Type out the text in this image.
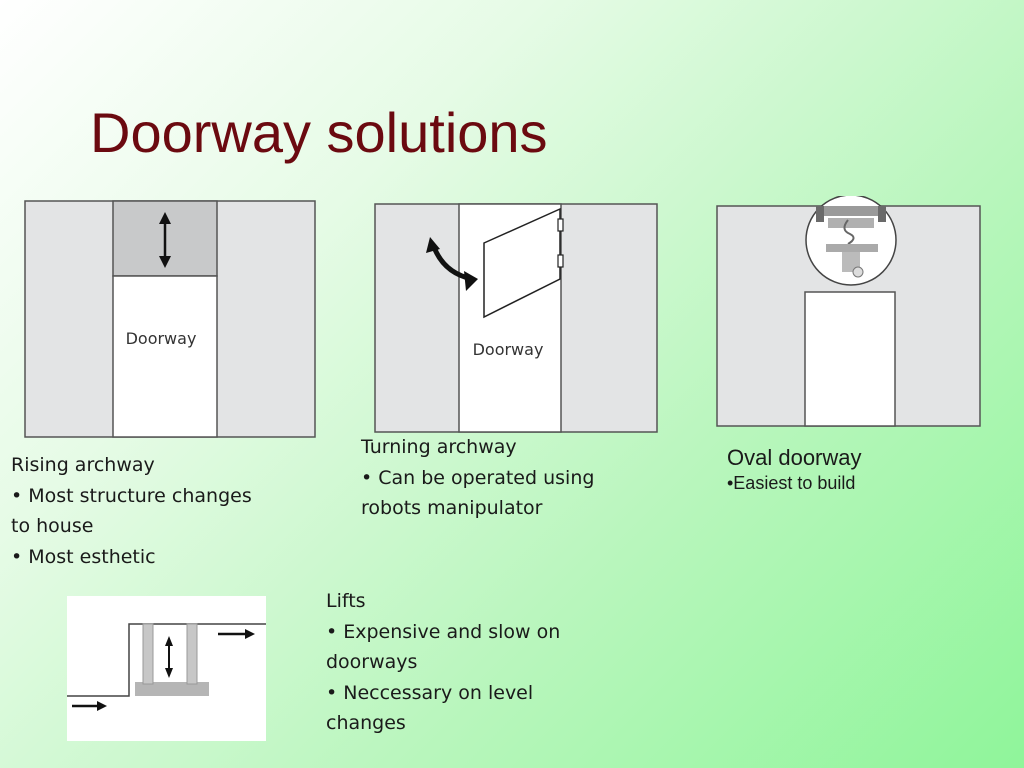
Doorway solutions
Doorway
Doorway
Rising archway
• Most structure changes
to house
• Most esthetic
Turning archway
• Can be operated using
robots manipulator
Oval doorway
•Easiest to build
Lifts
• Expensive and slow on
doorways
• Neccessary on level
changes
